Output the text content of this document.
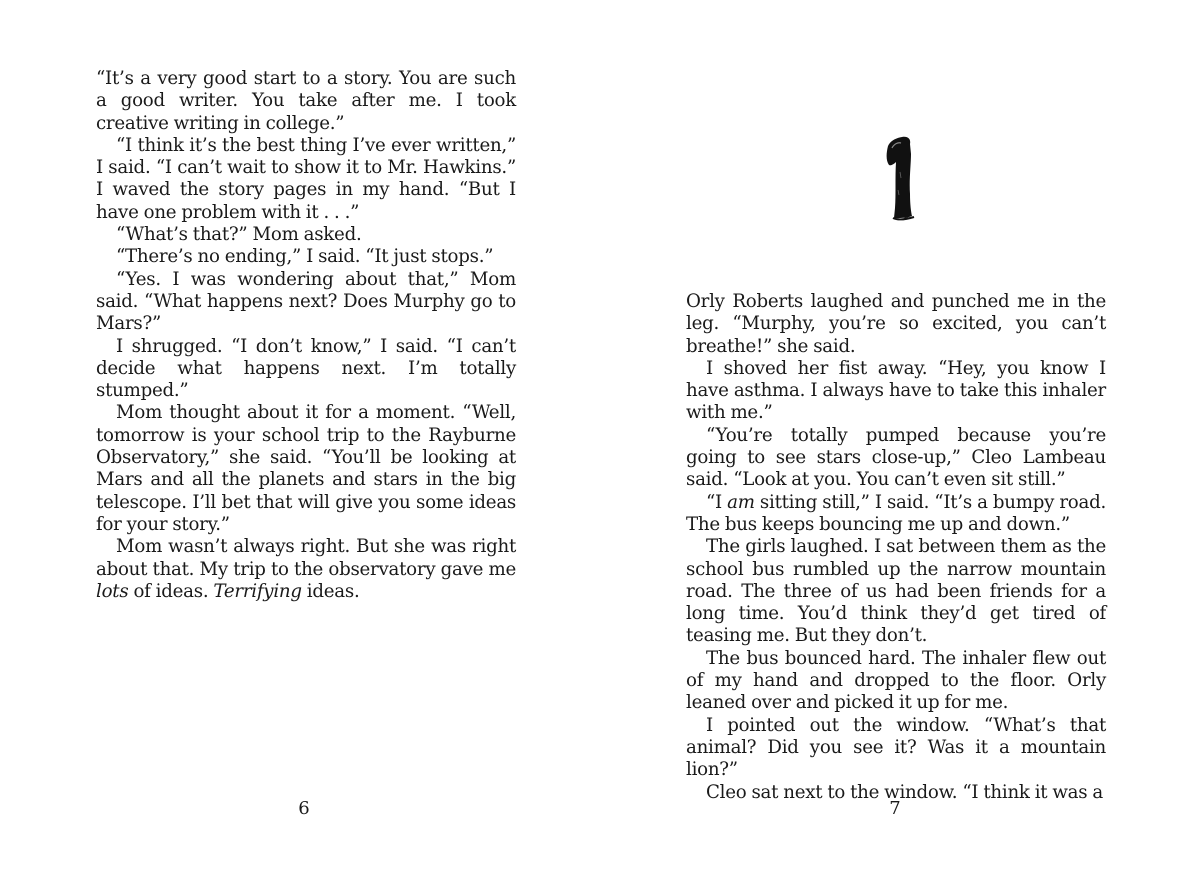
“It’s a very good start to a story. You are such a good writer. You take after me. I took creative writing in college.”

“I think it’s the best thing I’ve ever written,” I said. “I can’t wait to show it to Mr. Hawkins.” I waved the story pages in my hand. “But I have one problem with it . . .”

“What’s that?” Mom asked.

“There’s no ending,” I said. “It just stops.”

“Yes. I was wondering about that,” Mom said. “What happens next? Does Murphy go to Mars?”

I shrugged. “I don’t know,” I said. “I can’t decide what happens next. I’m totally stumped.”

Mom thought about it for a moment. “Well, tomorrow is your school trip to the Rayburne Observatory,” she said. “You’ll be looking at Mars and all the planets and stars in the big telescope. I’ll bet that will give you some ideas for your story.”

Mom wasn’t always right. But she was right about that. My trip to the observatory gave me lots of ideas. Terrifying ideas.

6

Orly Roberts laughed and punched me in the leg. “Murphy, you’re so excited, you can’t breathe!” she said.

I shoved her fist away. “Hey, you know I have asthma. I always have to take this inhaler with me.”

“You’re totally pumped because you’re going to see stars close-up,” Cleo Lambeau said. “Look at you. You can’t even sit still.”

“I am sitting still,” I said. “It’s a bumpy road. The bus keeps bouncing me up and down.”

The girls laughed. I sat between them as the school bus rumbled up the narrow mountain road. The three of us had been friends for a long time. You’d think they’d get tired of teasing me. But they don’t.

The bus bounced hard. The inhaler flew out of my hand and dropped to the floor. Orly leaned over and picked it up for me.

I pointed out the window. “What’s that animal? Did you see it? Was it a mountain lion?”

Cleo sat next to the window. “I think it was a

7
